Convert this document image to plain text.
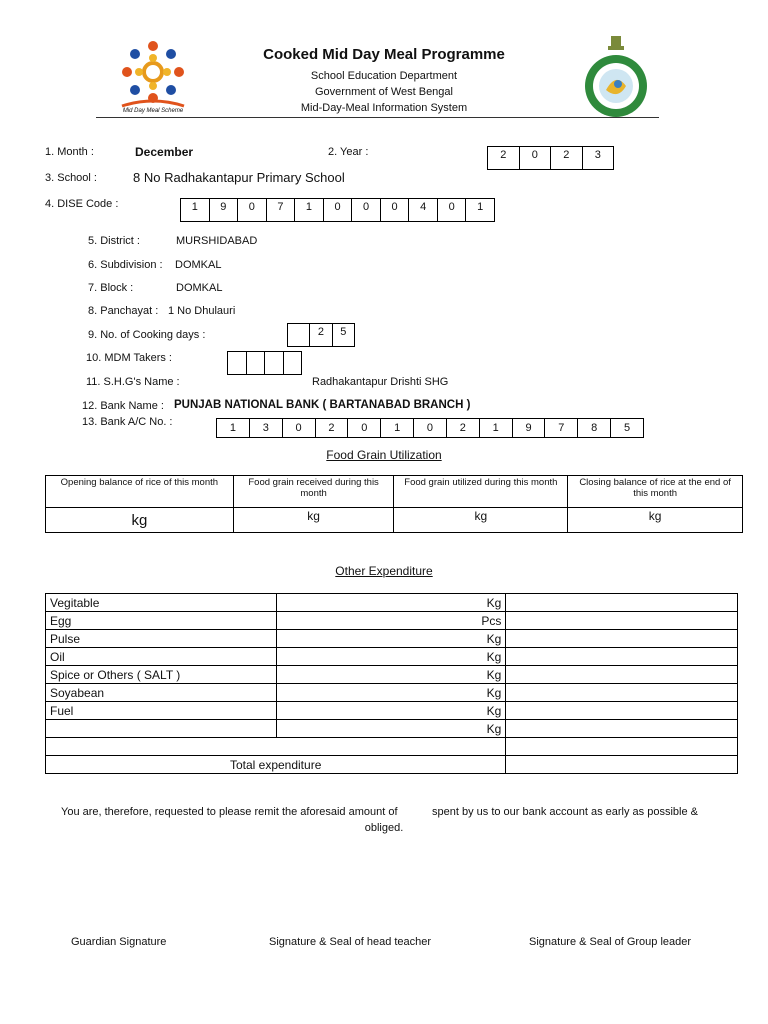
Mid Day Meal Scheme
Cooked Mid Day Meal Programme
School Education Department
Government of West Bengal
Mid-Day-Meal Information System
1. Month :	December	2. Year :	2	0	2	3
3. School :	8 No Radhakantapur Primary School
4. DISE Code :	1	9	0	7	1	0	0	0	4	0	1
5. District :	MURSHIDABAD
6. Subdivision : DOMKAL
7. Block :	DOMKAL
8. Panchayat : 1 No Dhulauri
9. No. of Cooking days :	2	5
10. MDM Takers :
11. S.H.G's Name :	Radhakantapur Drishti SHG
12. Bank Name : PUNJAB NATIONAL BANK ( BARTANABAD BRANCH )
13. Bank A/C No. :	1	3	0	2	0	1	0	2	1	9	7	8	5
Food Grain Utilization
Opening balance of rice of this month	Food grain received during this month	Food grain utilized during this month	Closing balance of rice at the end of this month
kg	kg	kg	kg
Other Expenditure
Vegitable	Kg	
Egg	Pcs	
Pulse	Kg	
Oil	Kg	
Spice or Others ( SALT )	Kg	
Soyabean	Kg	
Fuel	Kg	
	Kg	

Total expenditure		
You are, therefore, requested to please remit the aforesaid amount of	spent by us to our bank account as early as possible &
obliged.
Guardian Signature	Signature & Seal of head teacher	Signature & Seal of Group leader
